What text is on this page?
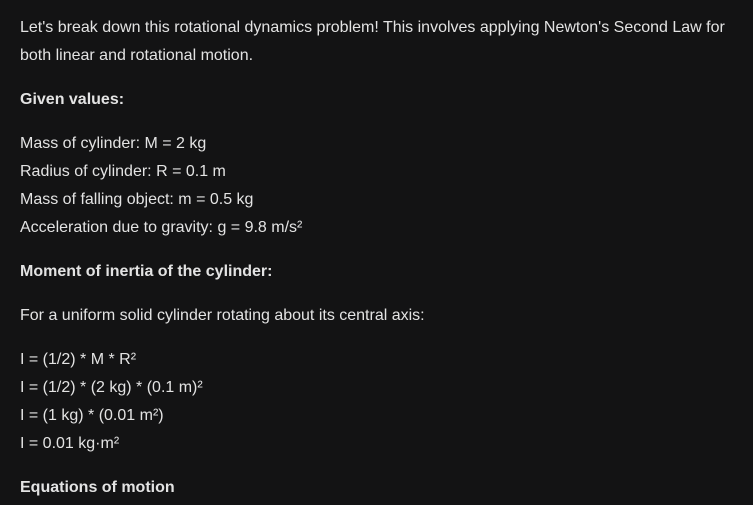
Let's break down this rotational dynamics problem! This involves applying Newton's Second Law for both linear and rotational motion.

Given values:

Mass of cylinder: M = 2 kg

Radius of cylinder: R = 0.1 m

Mass of falling object: m = 0.5 kg

Acceleration due to gravity: g = 9.8 m/s²

Moment of inertia of the cylinder:

For a uniform solid cylinder rotating about its central axis:

I = (1/2) * M * R²

I = (1/2) * (2 kg) * (0.1 m)²

I = (1 kg) * (0.01 m²)

I = 0.01 kg·m²

Equations of motion
